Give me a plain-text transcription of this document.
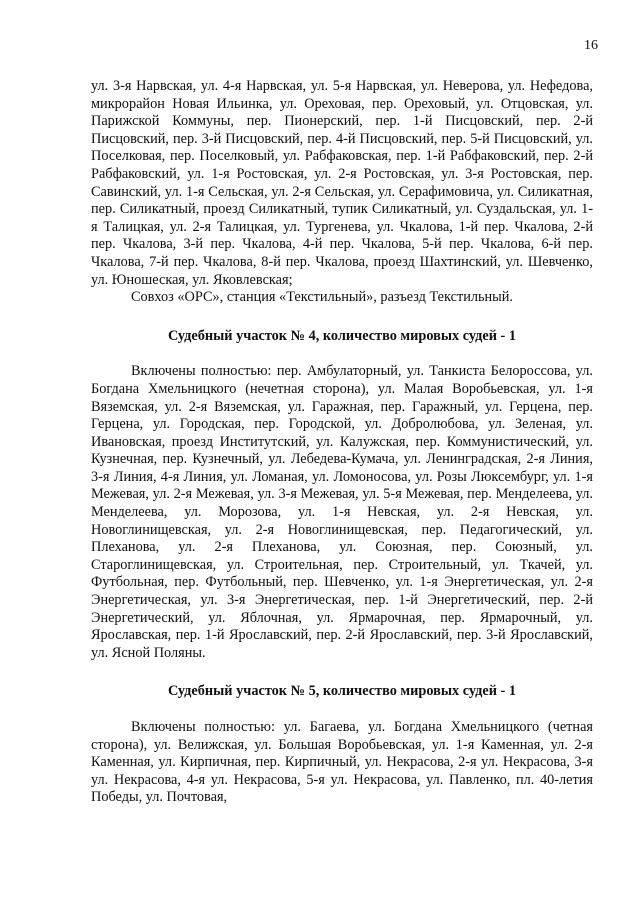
16

ул. 3-я Нарвская, ул. 4-я Нарвская, ул. 5-я Нарвская, ул. Неверова, ул. Нефедова, микрорайон Новая Ильинка, ул. Ореховая, пер. Ореховый, ул. Отцовская, ул. Парижской Коммуны, пер. Пионерский, пер. 1-й Писцовский, пер. 2-й Писцовский, пер. 3-й Писцовский, пер. 4-й Писцовский, пер. 5-й Писцовский, ул. Поселковая, пер. Поселковый, ул. Рабфаковская, пер. 1-й Рабфаковский, пер. 2-й Рабфаковский, ул. 1-я Ростовская, ул. 2-я Ростовская, ул. 3-я Ростовская, пер. Савинский, ул. 1-я Сельская, ул. 2-я Сельская, ул. Серафимовича, ул. Силикатная, пер. Силикатный, проезд Силикатный, тупик Силикатный, ул. Суздальская, ул. 1-я Талицкая, ул. 2-я Талицкая, ул. Тургенева, ул. Чкалова, 1-й пер. Чкалова, 2-й пер. Чкалова, 3-й пер. Чкалова, 4-й пер. Чкалова, 5-й пер. Чкалова, 6-й пер. Чкалова, 7-й пер. Чкалова, 8-й пер. Чкалова, проезд Шахтинский, ул. Шевченко, ул. Юношеская, ул. Яковлевская;

Совхоз «ОРС», станция «Текстильный», разъезд Текстильный.

Судебный участок № 4, количество мировых судей - 1

Включены полностью: пер. Амбулаторный, ул. Танкиста Белороссова, ул. Богдана Хмельницкого (нечетная сторона), ул. Малая Воробьевская, ул. 1-я Вяземская, ул. 2-я Вяземская, ул. Гаражная, пер. Гаражный, ул. Герцена, пер. Герцена, ул. Городская, пер. Городской, ул. Добролюбова, ул. Зеленая, ул. Ивановская, проезд Институтский, ул. Калужская, пер. Коммунистический, ул. Кузнечная, пер. Кузнечный, ул. Лебедева-Кумача, ул. Ленинградская, 2-я Линия, 3-я Линия, 4-я Линия, ул. Ломаная, ул. Ломоносова, ул. Розы Люксембург, ул. 1-я Межевая, ул. 2-я Межевая, ул. 3-я Межевая, ул. 5-я Межевая, пер. Менделеева, ул. Менделеева, ул. Морозова, ул. 1-я Невская, ул. 2-я Невская, ул. Новоглинищевская, ул. 2-я Новоглинищевская, пер. Педагогический, ул. Плеханова, ул. 2-я Плеханова, ул. Союзная, пер. Союзный, ул. Староглинищевская, ул. Строительная, пер. Строительный, ул. Ткачей, ул. Футбольная, пер. Футбольный, пер. Шевченко, ул. 1-я Энергетическая, ул. 2-я Энергетическая, ул. 3-я Энергетическая, пер. 1-й Энергетический, пер. 2-й Энергетический, ул. Яблочная, ул. Ярмарочная, пер. Ярмарочный, ул. Ярославская, пер. 1-й Ярославский, пер. 2-й Ярославский, пер. 3-й Ярославский, ул. Ясной Поляны.

Судебный участок № 5, количество мировых судей - 1

Включены полностью: ул. Багаева, ул. Богдана Хмельницкого (четная сторона), ул. Велижская, ул. Большая Воробьевская, ул. 1-я Каменная, ул. 2-я Каменная, ул. Кирпичная, пер. Кирпичный, ул. Некрасова, 2-я ул. Некрасова, 3-я ул. Некрасова, 4-я ул. Некрасова, 5-я ул. Некрасова, ул. Павленко, пл. 40-летия Победы, ул. Почтовая,
